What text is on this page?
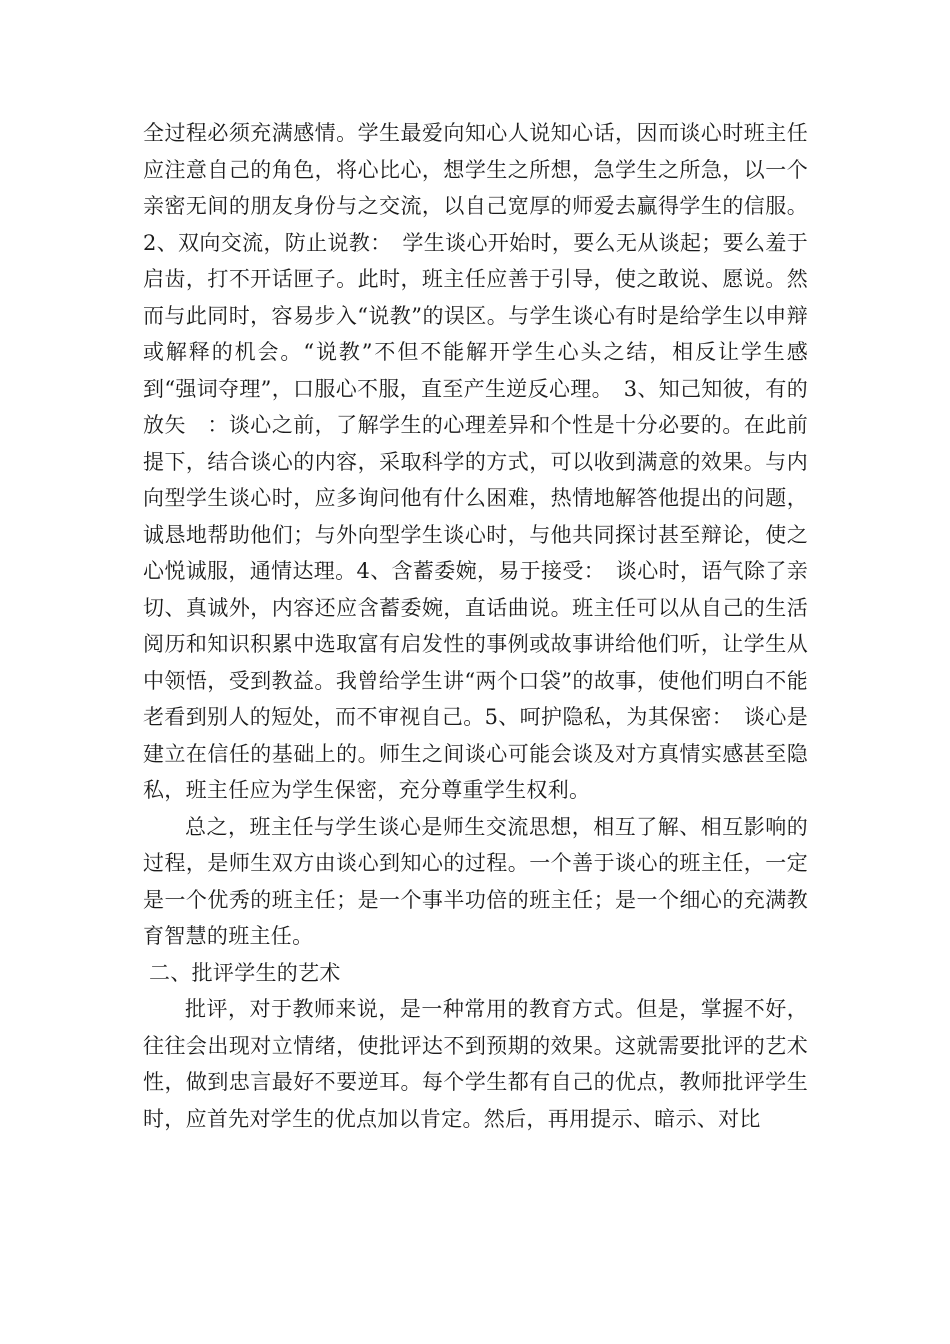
全过程必须充满感情。学生最爱向知心人说知心话，因而谈心时班主任应注意自己的角色，将心比心，想学生之所想，急学生之所急，以一个亲密无间的朋友身份与之交流，以自己宽厚的师爱去赢得学生的信服。2、双向交流，防止说教：　学生谈心开始时，要么无从谈起；要么羞于启齿，打不开话匣子。此时，班主任应善于引导，使之敢说、愿说。然而与此同时，容易步入“说教”的误区。与学生谈心有时是给学生以申辩或解释的机会。“说教”不但不能解开学生心头之结，相反让学生感到“强词夺理”，口服心不服，直至产生逆反心理。　3、知己知彼，有的放矢　：谈心之前，了解学生的心理差异和个性是十分必要的。在此前提下，结合谈心的内容，采取科学的方式，可以收到满意的效果。与内向型学生谈心时，应多询问他有什么困难，热情地解答他提出的问题，诚恳地帮助他们；与外向型学生谈心时，与他共同探讨甚至辩论，使之心悦诚服，通情达理。4、含蓄委婉，易于接受：　谈心时，语气除了亲切、真诚外，内容还应含蓄委婉，直话曲说。班主任可以从自己的生活阅历和知识积累中选取富有启发性的事例或故事讲给他们听，让学生从中领悟，受到教益。我曾给学生讲“两个口袋”的故事，使他们明白不能老看到别人的短处，而不审视自己。5、呵护隐私，为其保密：　谈心是建立在信任的基础上的。师生之间谈心可能会谈及对方真情实感甚至隐私，班主任应为学生保密，充分尊重学生权利。

总之，班主任与学生谈心是师生交流思想，相互了解、相互影响的过程，是师生双方由谈心到知心的过程。一个善于谈心的班主任，一定是一个优秀的班主任；是一个事半功倍的班主任；是一个细心的充满教育智慧的班主任。

二、批评学生的艺术

批评，对于教师来说，是一种常用的教育方式。但是，掌握不好，往往会出现对立情绪，使批评达不到预期的效果。这就需要批评的艺术性，做到忠言最好不要逆耳。每个学生都有自己的优点，教师批评学生时，应首先对学生的优点加以肯定。然后，再用提示、暗示、对比
